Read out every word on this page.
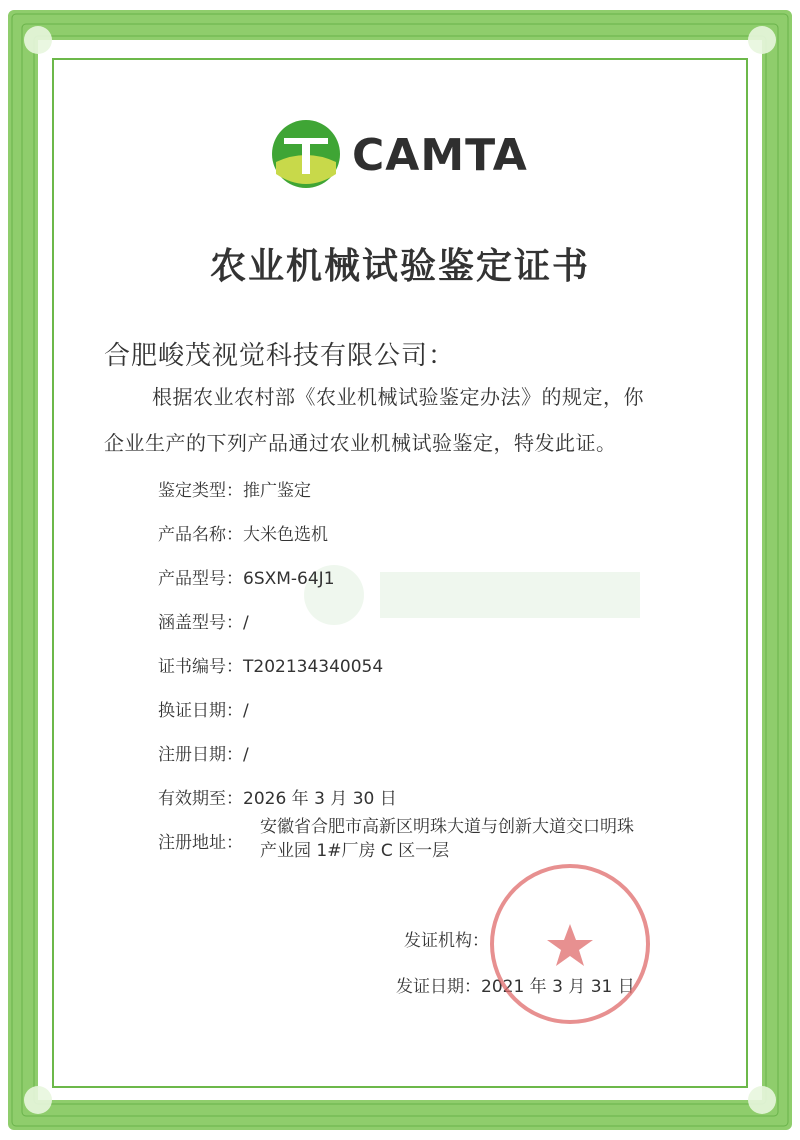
CAMTA
农业机械试验鉴定证书
合肥峻茂视觉科技有限公司：
根据农业农村部《农业机械试验鉴定办法》的规定，你
企业生产的下列产品通过农业机械试验鉴定，特发此证。
鉴定类型：推广鉴定
产品名称：大米色选机
产品型号：6SXM-64J1
涵盖型号：/
证书编号：T202134340054
换证日期：/
注册日期：/
有效期至：2026 年 3 月 30 日
注册地址：
安徽省合肥市高新区明珠大道与创新大道交口明珠
产业园 1#厂房 C 区一层
发证机构：
发证日期：2021 年 3 月 31 日
